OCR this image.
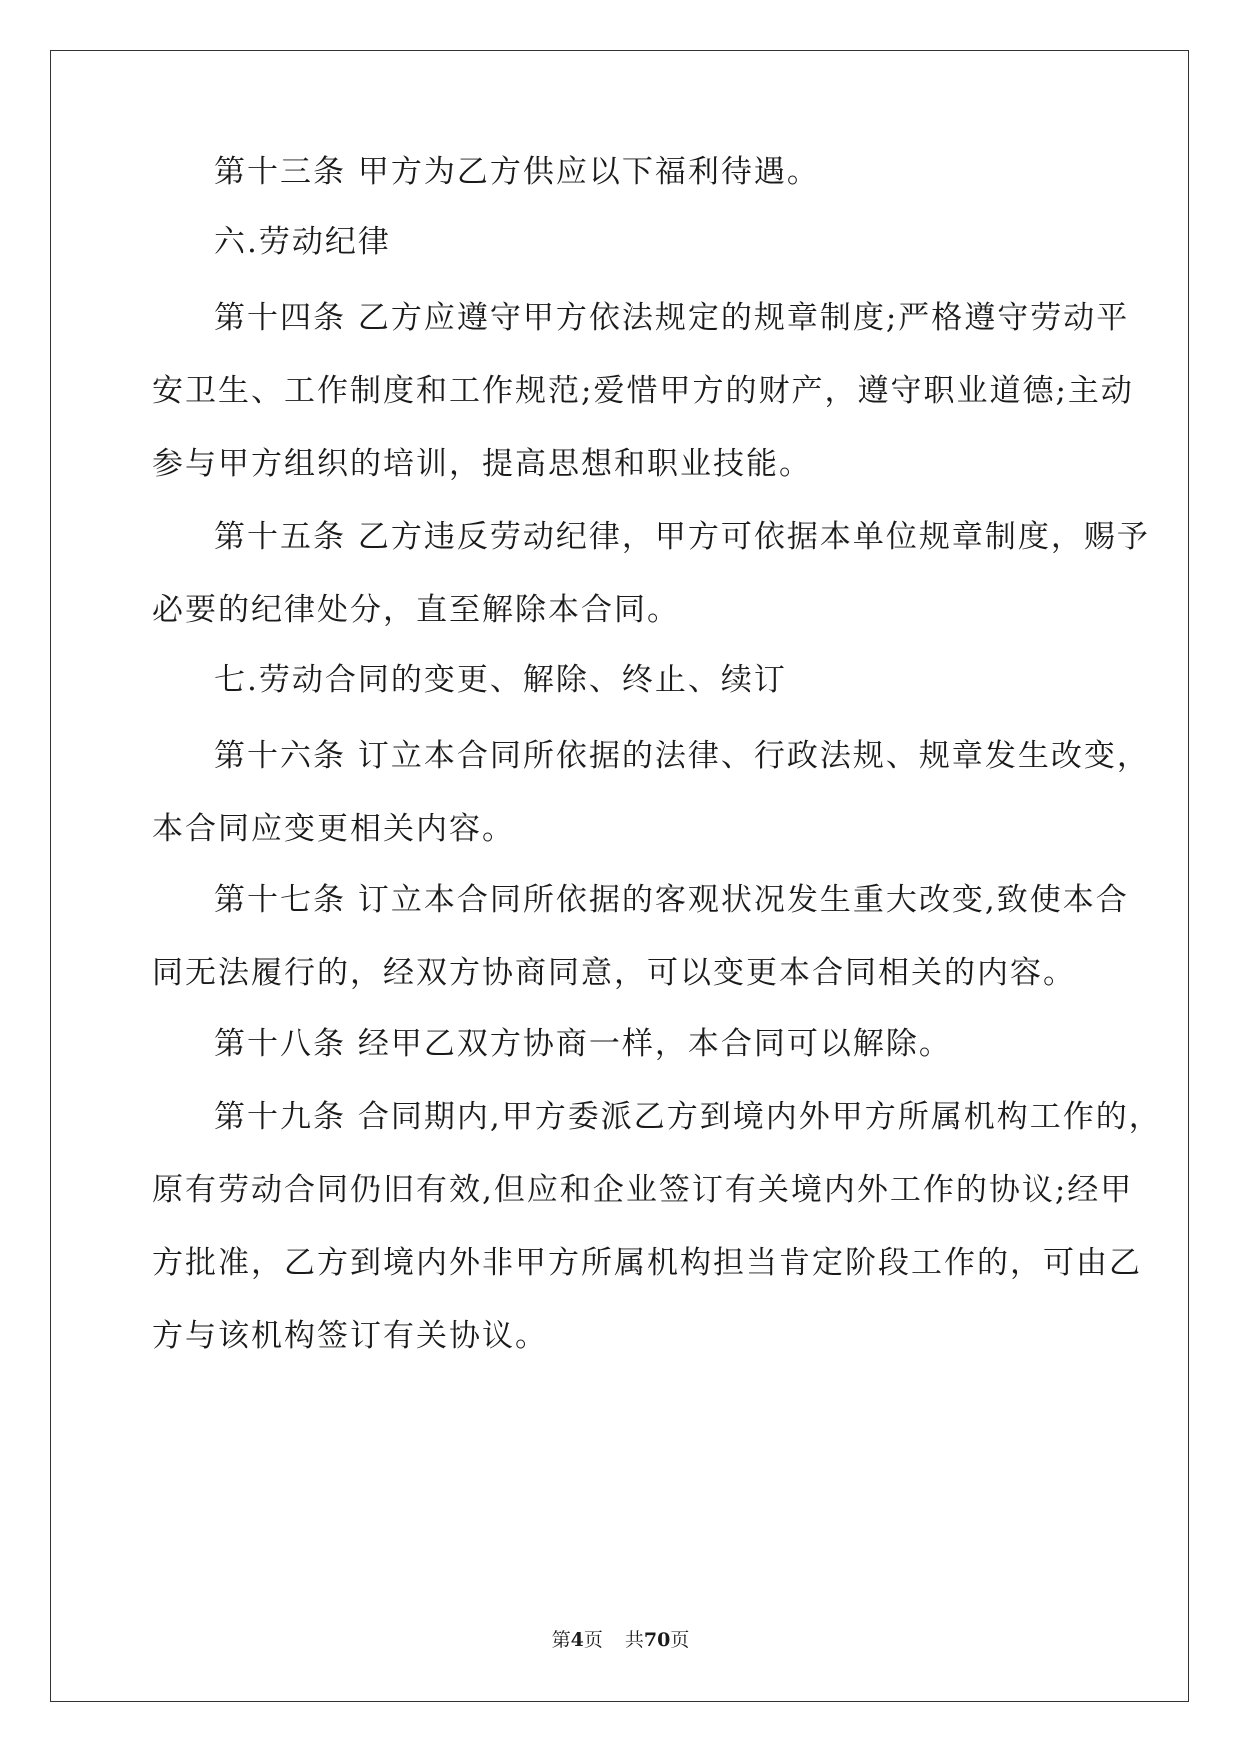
第十三条 甲方为乙方供应以下福利待遇。
六.劳动纪律
第十四条 乙方应遵守甲方依法规定的规章制度;严格遵守劳动平
安卫生、工作制度和工作规范;爱惜甲方的财产，遵守职业道德;主动
参与甲方组织的培训，提高思想和职业技能。
第十五条 乙方违反劳动纪律，甲方可依据本单位规章制度，赐予
必要的纪律处分，直至解除本合同。
七.劳动合同的变更、解除、终止、续订
第十六条 订立本合同所依据的法律、行政法规、规章发生改变，
本合同应变更相关内容。
第十七条 订立本合同所依据的客观状况发生重大改变,致使本合
同无法履行的，经双方协商同意，可以变更本合同相关的内容。
第十八条 经甲乙双方协商一样，本合同可以解除。
第十九条 合同期内,甲方委派乙方到境内外甲方所属机构工作的，
原有劳动合同仍旧有效,但应和企业签订有关境内外工作的协议;经甲
方批准，乙方到境内外非甲方所属机构担当肯定阶段工作的，可由乙
方与该机构签订有关协议。
第4页 共70页
